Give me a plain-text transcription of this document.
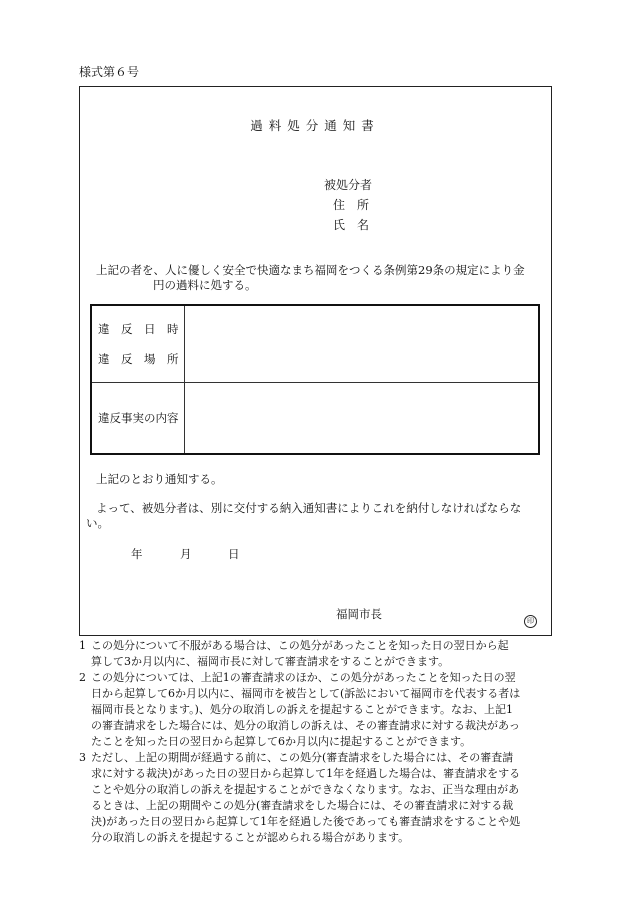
様式第６号
過料処分通知書
被処分者
住　所
氏　名
上記の者を、人に優しく安全で快適なまち福岡をつくる条例第29条の規定により金
円の過料に処する。
違　反　日　時
違　反　場　所
違反事実の内容
上記のとおり通知する。
よって、被処分者は、別に交付する納入通知書によりこれを納付しなければならな
い。
年	月	日
福岡市長	印
1 この処分について不服がある場合は、この処分があったことを知った日の翌日から起
算して3か月以内に、福岡市長に対して審査請求をすることができます。
2 この処分については、上記1の審査請求のほか、この処分があったことを知った日の翌
日から起算して6か月以内に、福岡市を被告として(訴訟において福岡市を代表する者は
福岡市長となります。)、処分の取消しの訴えを提起することができます。なお、上記1
の審査請求をした場合には、処分の取消しの訴えは、その審査請求に対する裁決があっ
たことを知った日の翌日から起算して6か月以内に提起することができます。
3 ただし、上記の期間が経過する前に、この処分(審査請求をした場合には、その審査請
求に対する裁決)があった日の翌日から起算して1年を経過した場合は、審査請求をする
ことや処分の取消しの訴えを提起することができなくなります。なお、正当な理由があ
るときは、上記の期間やこの処分(審査請求をした場合には、その審査請求に対する裁
決)があった日の翌日から起算して1年を経過した後であっても審査請求をすることや処
分の取消しの訴えを提起することが認められる場合があります。
